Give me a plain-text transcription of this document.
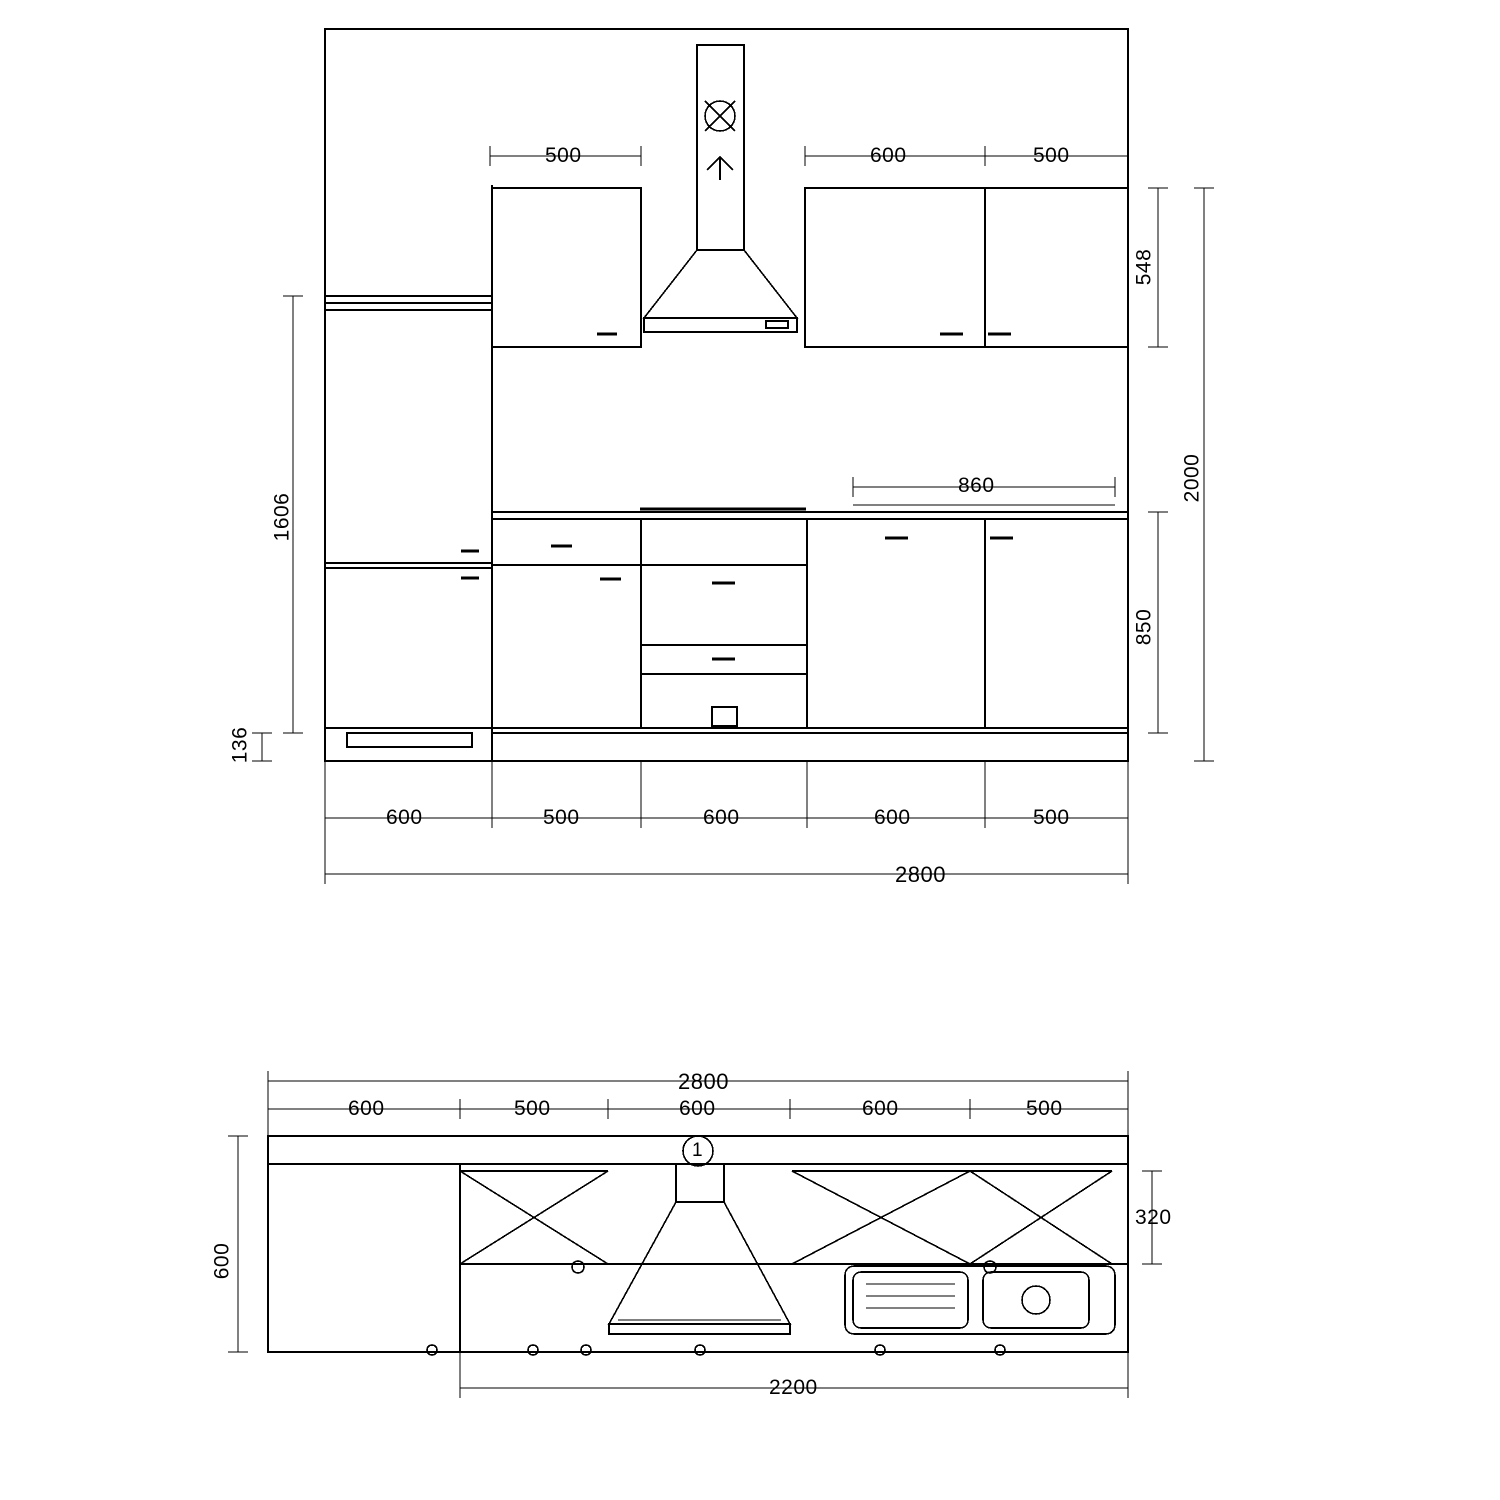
500	600	500
860
548
2000
850
1606
136
600	500	600	600	500
2800
2800
600	500	600	600	500
600
320
2200
1
